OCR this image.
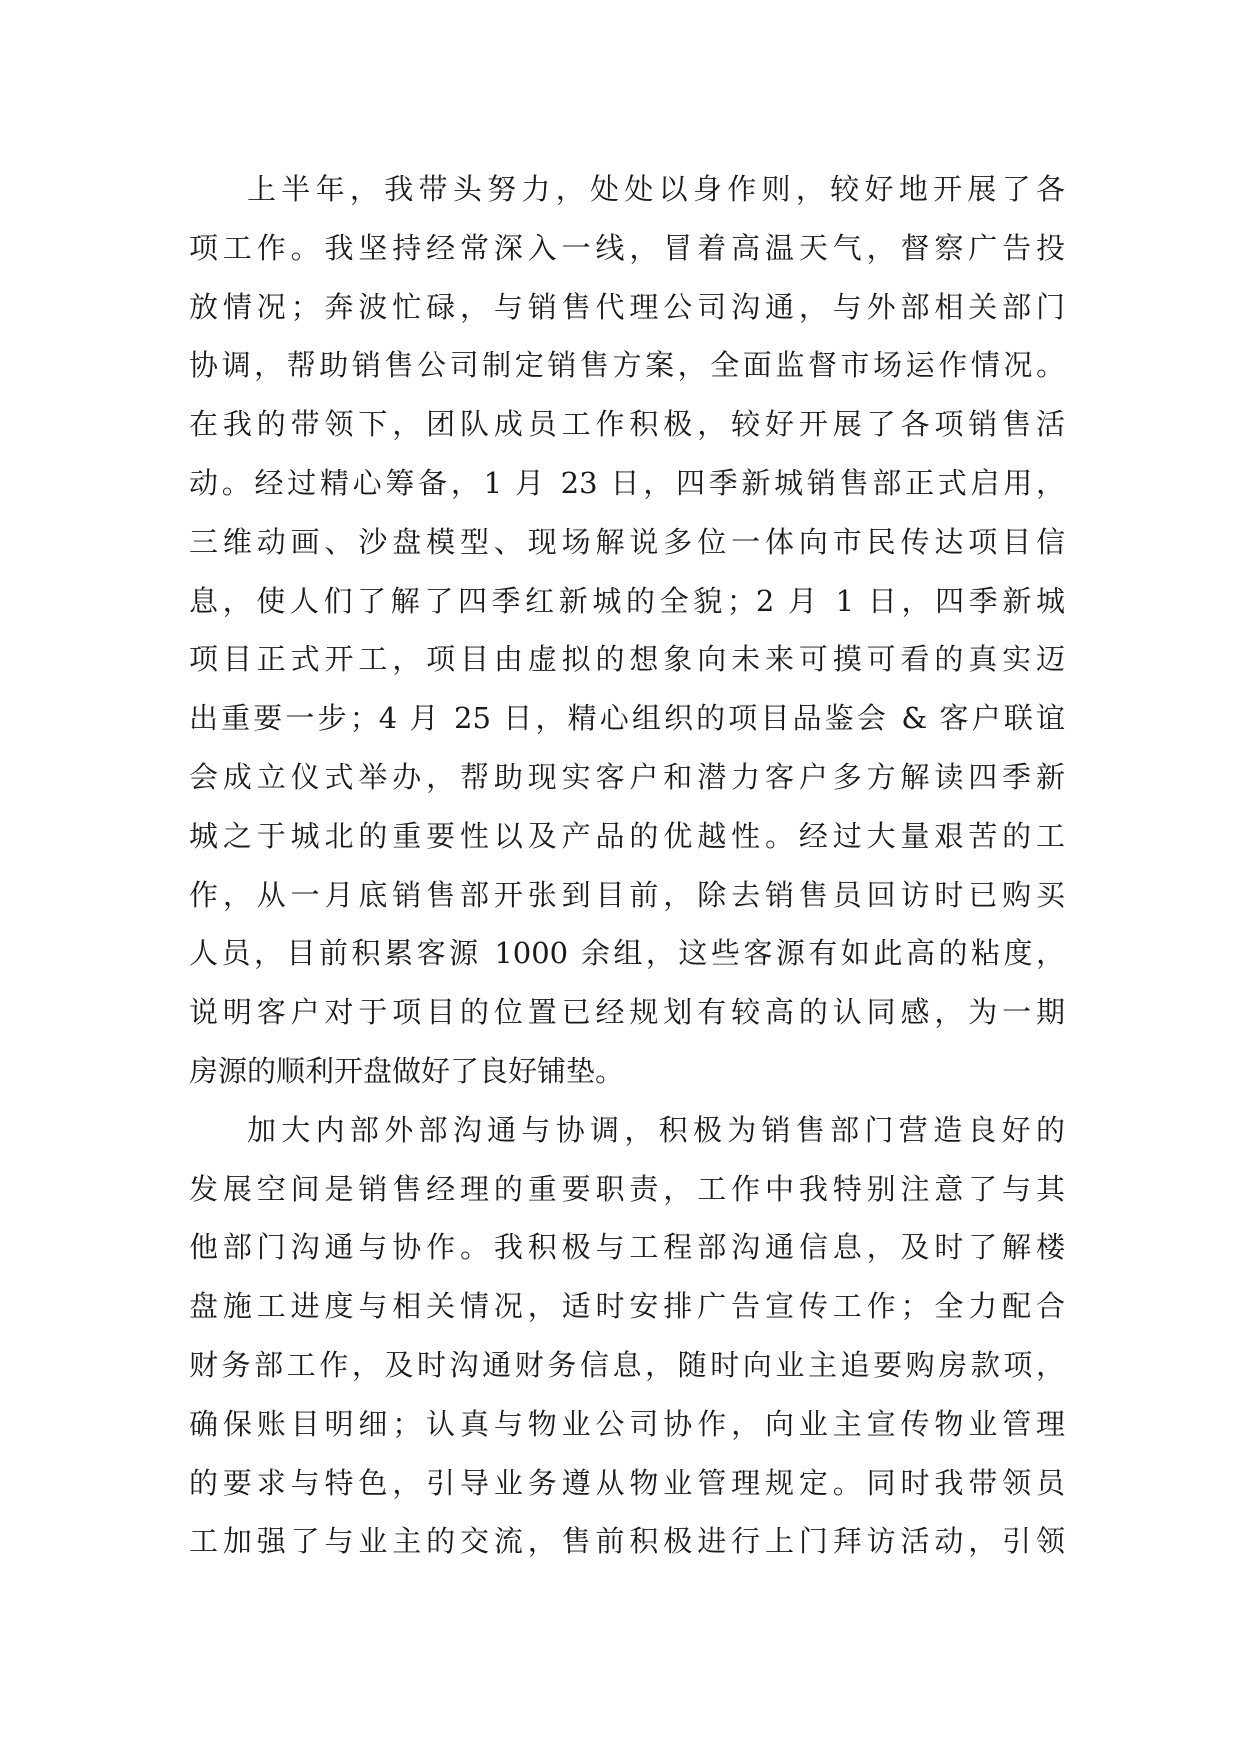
上半年，我带头努力，处处以身作则，较好地开展了各
项工作。我坚持经常深入一线，冒着高温天气，督察广告投
放情况；奔波忙碌，与销售代理公司沟通，与外部相关部门
协调，帮助销售公司制定销售方案，全面监督市场运作情况。
在我的带领下，团队成员工作积极，较好开展了各项销售活
动。经过精心筹备，1 月 23 日，四季新城销售部正式启用，
三维动画、沙盘模型、现场解说多位一体向市民传达项目信
息，使人们了解了四季红新城的全貌；2 月 1 日，四季新城
项目正式开工，项目由虚拟的想象向未来可摸可看的真实迈
出重要一步；4 月 25 日，精心组织的项目品鉴会 & 客户联谊
会成立仪式举办，帮助现实客户和潜力客户多方解读四季新
城之于城北的重要性以及产品的优越性。经过大量艰苦的工
作，从一月底销售部开张到目前，除去销售员回访时已购买
人员，目前积累客源 1000 余组，这些客源有如此高的粘度，
说明客户对于项目的位置已经规划有较高的认同感，为一期
房源的顺利开盘做好了良好铺垫。
加大内部外部沟通与协调，积极为销售部门营造良好的
发展空间是销售经理的重要职责，工作中我特别注意了与其
他部门沟通与协作。我积极与工程部沟通信息，及时了解楼
盘施工进度与相关情况，适时安排广告宣传工作；全力配合
财务部工作，及时沟通财务信息，随时向业主追要购房款项，
确保账目明细；认真与物业公司协作，向业主宣传物业管理
的要求与特色，引导业务遵从物业管理规定。同时我带领员
工加强了与业主的交流，售前积极进行上门拜访活动，引领
